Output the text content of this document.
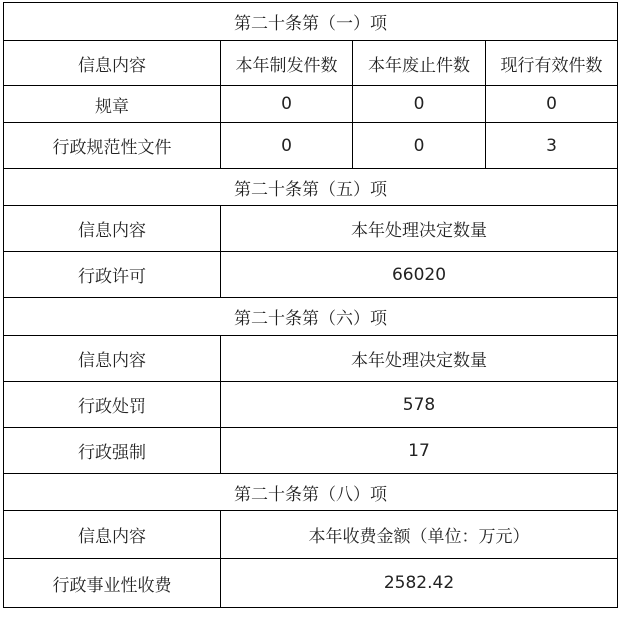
第二十条第（一）项			
信息内容	本年制发件数	本年废止件数	现行有效件数
规章	0	0	0
行政规范性文件	0	0	3
第二十条第（五）项			
信息内容	本年处理决定数量		
行政许可	66020		
第二十条第（六）项			
信息内容	本年处理决定数量		
行政处罚	578		
行政强制	17		
第二十条第（八）项			
信息内容	本年收费金额（单位：万元）		
行政事业性收费	2582.42		
